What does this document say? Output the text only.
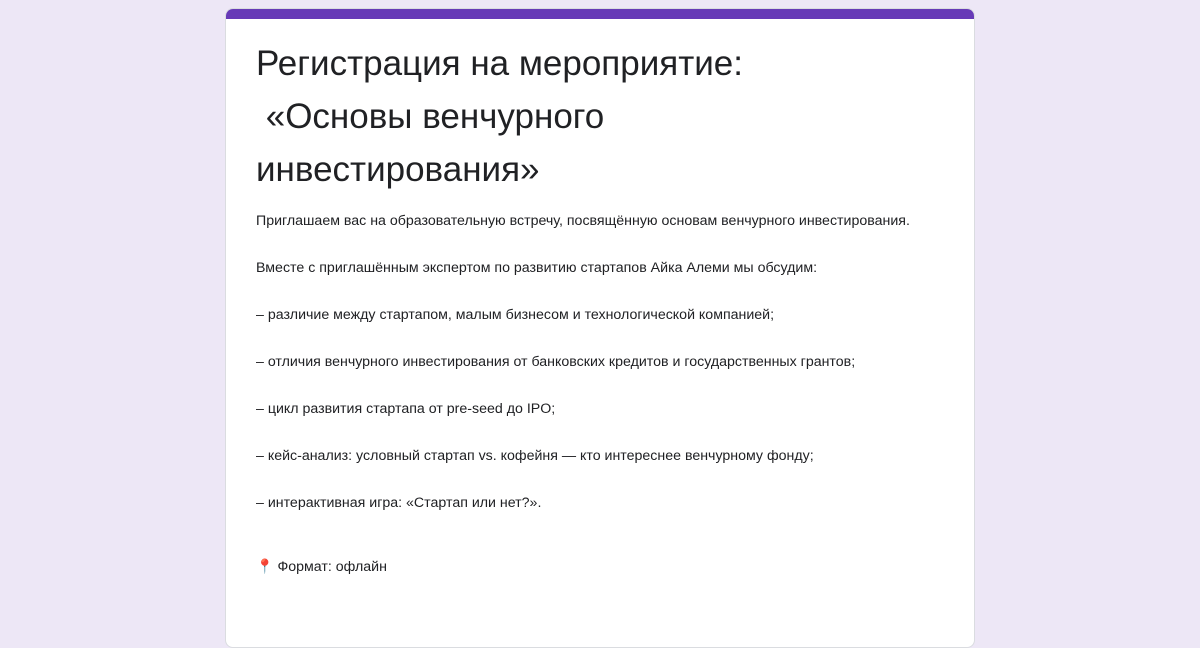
Регистрация на мероприятие:
«Основы венчурного инвестирования»

Приглашаем вас на образовательную встречу, посвящённую основам венчурного инвестирования.

Вместе с приглашённым экспертом по развитию стартапов Айка Алеми мы обсудим:

– различие между стартапом, малым бизнесом и технологической компанией;

– отличия венчурного инвестирования от банковских кредитов и государственных грантов;

– цикл развития стартапа от pre-seed до IPO;

– кейс-анализ: условный стартап vs. кофейня — кто интереснее венчурному фонду;

– интерактивная игра: «Стартап или нет?».

📍 Формат: офлайн
